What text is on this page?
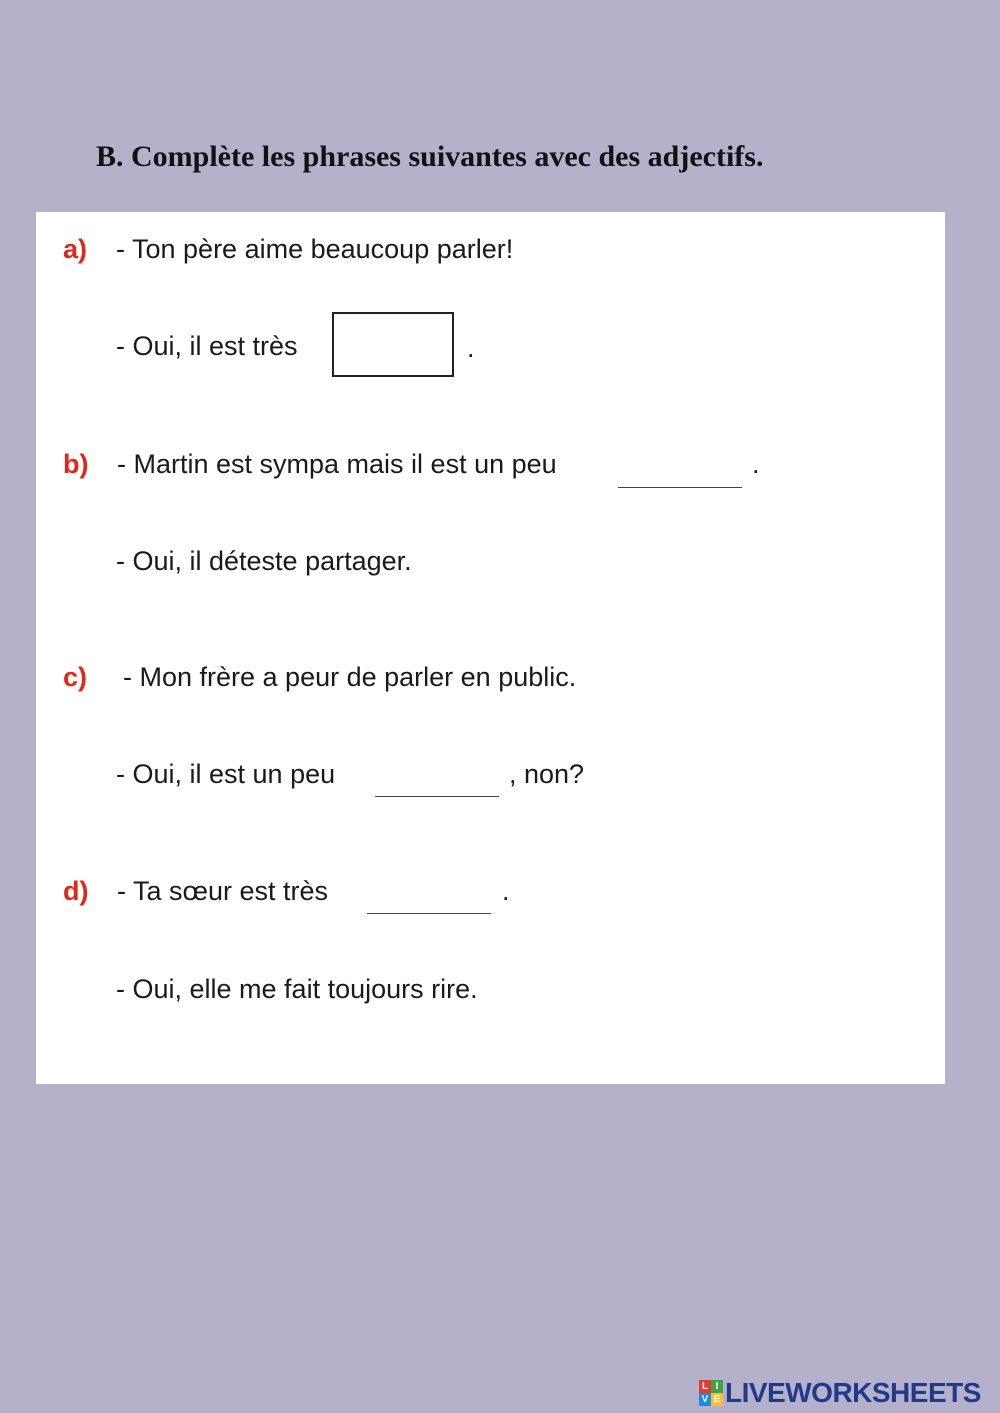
B. Complète les phrases suivantes avec des adjectifs.
a) - Ton père aime beaucoup parler!
- Oui, il est très	.
b) - Martin est sympa mais il est un peu	.
- Oui, il déteste partager.
c) - Mon frère a peur de parler en public.
- Oui, il est un peu	, non?
d) - Ta sœur est très	.
- Oui, elle me fait toujours rire.
L I
V E LIVEWORKSHEETS
